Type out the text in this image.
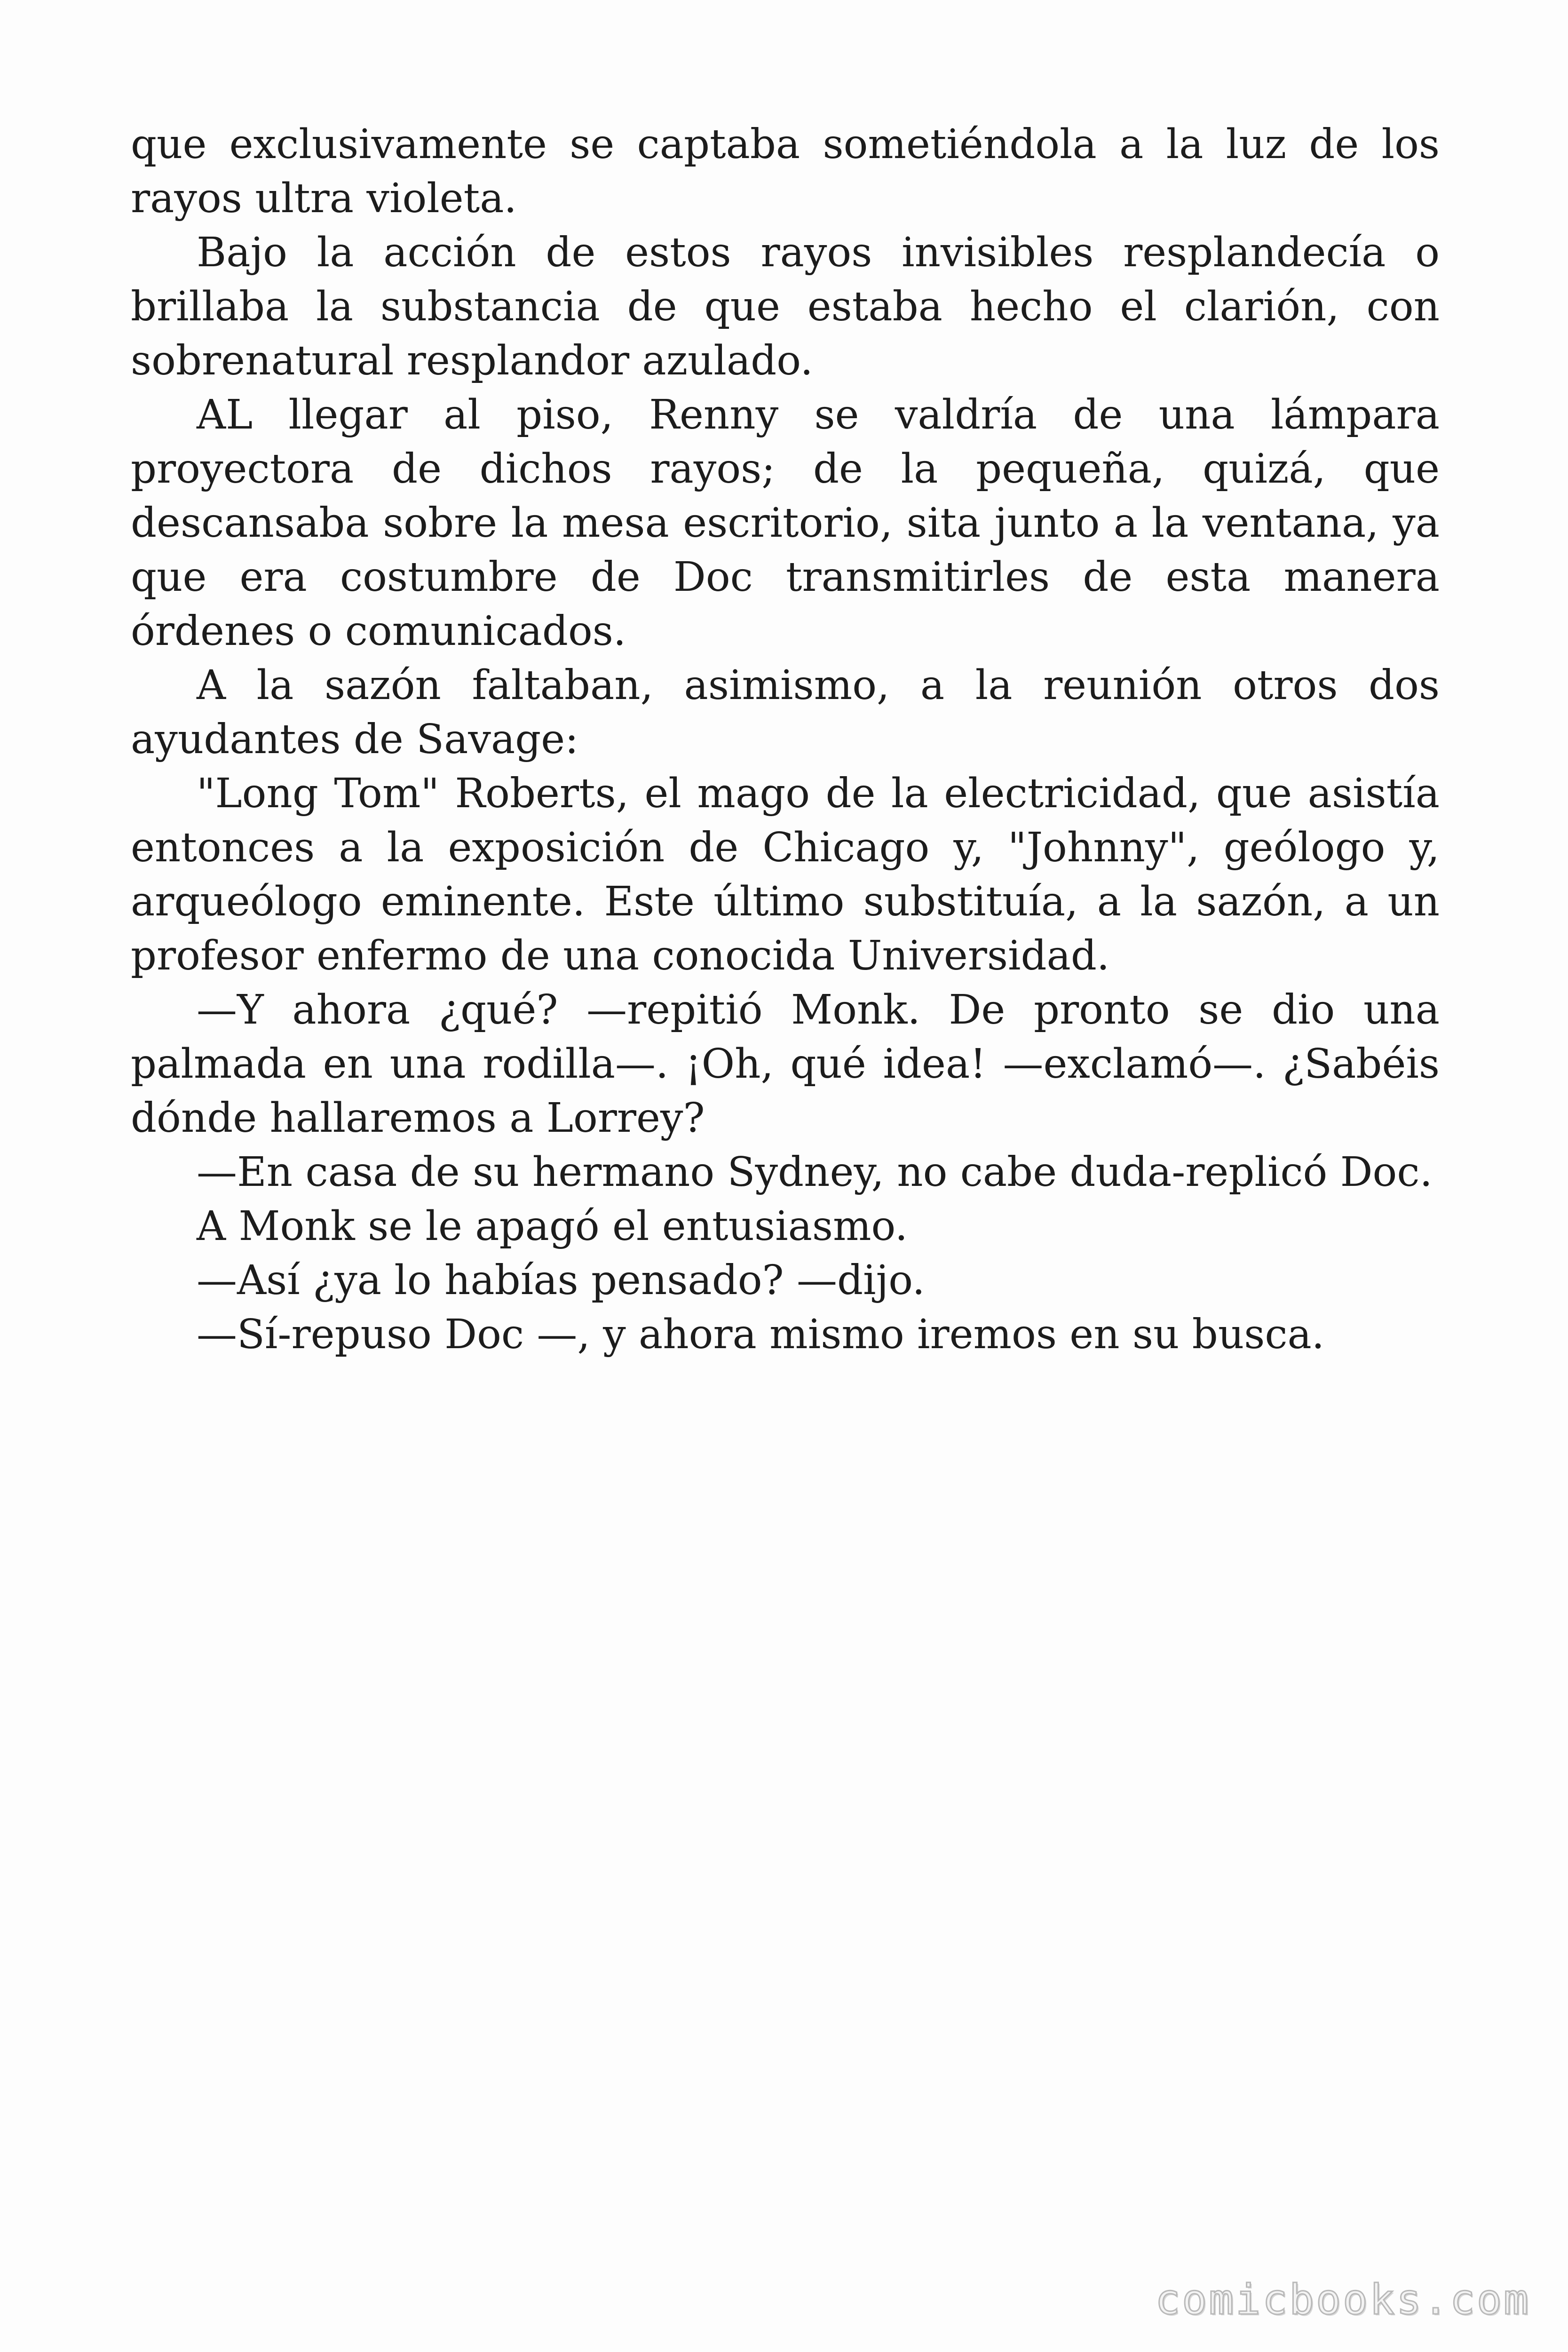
que exclusivamente se captaba sometiéndola a la luz de los rayos ultra violeta.

Bajo la acción de estos rayos invisibles resplandecía o brillaba la substancia de que estaba hecho el clarión, con sobrenatural resplandor azulado.

AL llegar al piso, Renny se valdría de una lámpara proyectora de dichos rayos; de la pequeña, quizá, que descansaba sobre la mesa escritorio, sita junto a la ventana, ya que era costumbre de Doc transmitirles de esta manera órdenes o comunicados.

A la sazón faltaban, asimismo, a la reunión otros dos ayudantes de Savage:

"Long Tom" Roberts, el mago de la electricidad, que asistía entonces a la exposición de Chicago y, "Johnny", geólogo y, arqueólogo eminente. Este último substituía, a la sazón, a un profesor enfermo de una conocida Universidad.

—Y ahora ¿qué? —repitió Monk. De pronto se dio una palmada en una rodilla—. ¡Oh, qué idea! —exclamó—. ¿Sabéis dónde hallaremos a Lorrey?

—En casa de su hermano Sydney, no cabe duda-replicó Doc.

A Monk se le apagó el entusiasmo.

—Así ¿ya lo habías pensado? —dijo.

—Sí-repuso Doc —, y ahora mismo iremos en su busca.

comicbooks.com
